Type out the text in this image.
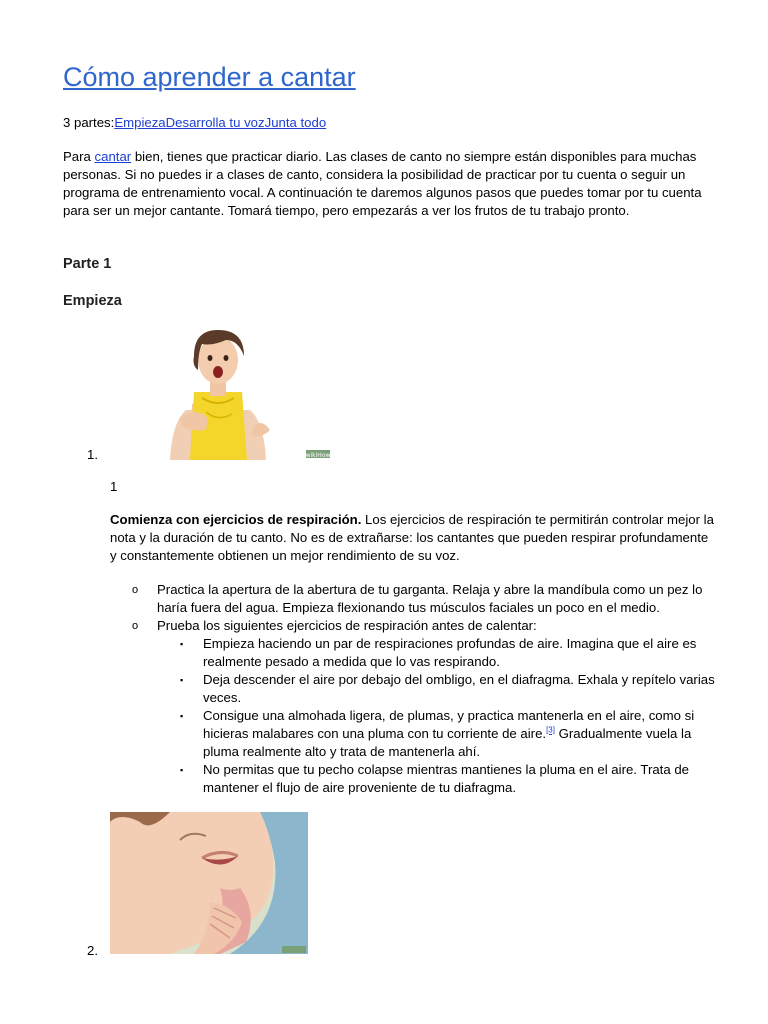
Cómo aprender a cantar
3 partes:EmpiezaDesarrolla tu vozJunta todo
Para cantar bien, tienes que practicar diario. Las clases de canto no siempre están disponibles para muchas personas. Si no puedes ir a clases de canto, considera la posibilidad de practicar por tu cuenta o seguir un programa de entrenamiento vocal. A continuación te daremos algunos pasos que puedes tomar por tu cuenta para ser un mejor cantante. Tomará tiempo, pero empezarás a ver los frutos de tu trabajo pronto.
Parte 1
Empieza
1.	wikiHow
1
Comienza con ejercicios de respiración. Los ejercicios de respiración te permitirán controlar mejor la nota y la duración de tu canto. No es de extrañarse: los cantantes que pueden respirar profundamente y constantemente obtienen un mejor rendimiento de su voz.
o Practica la apertura de la abertura de tu garganta. Relaja y abre la mandíbula como un pez lo haría fuera del agua. Empieza flexionando tus músculos faciales un poco en el medio.
o Prueba los siguientes ejercicios de respiración antes de calentar:
▪ Empieza haciendo un par de respiraciones profundas de aire. Imagina que el aire es realmente pesado a medida que lo vas respirando.
▪ Deja descender el aire por debajo del ombligo, en el diafragma. Exhala y repítelo varias veces.
▪ Consigue una almohada ligera, de plumas, y practica mantenerla en el aire, como si hicieras malabares con una pluma con tu corriente de aire.[3] Gradualmente vuela la pluma realmente alto y trata de mantenerla ahí.
▪ No permitas que tu pecho colapse mientras mantienes la pluma en el aire. Trata de mantener el flujo de aire proveniente de tu diafragma.
2.
